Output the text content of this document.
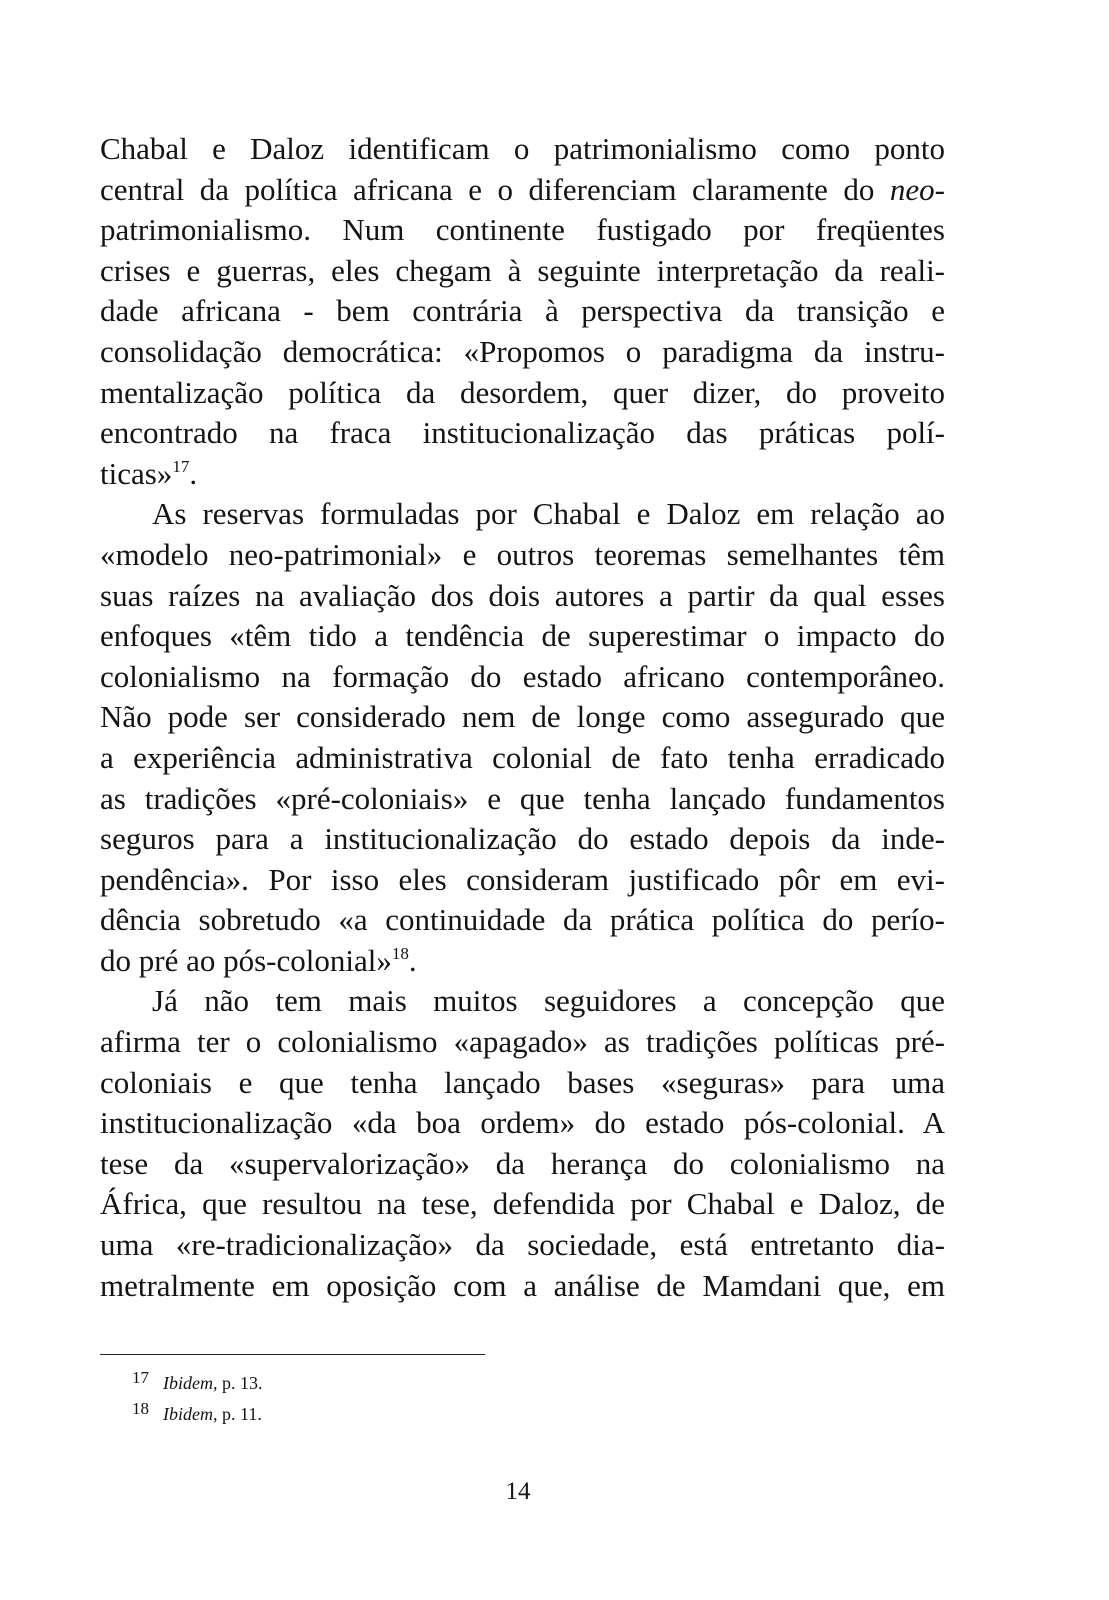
Chabal e Daloz identificam o patrimonialismo como ponto
central da política africana e o diferenciam claramente do neo-
patrimonialismo. Num continente fustigado por freqüentes
crises e guerras, eles chegam à seguinte interpretação da reali-
dade africana - bem contrária à perspectiva da transição e
consolidação democrática: «Propomos o paradigma da instru-
mentalização política da desordem, quer dizer, do proveito
encontrado na fraca institucionalização das práticas polí-
ticas»$^{17}$.
As reservas formuladas por Chabal e Daloz em relação ao
«modelo neo-patrimonial» e outros teoremas semelhantes têm
suas raízes na avaliação dos dois autores a partir da qual esses
enfoques «têm tido a tendência de superestimar o impacto do
colonialismo na formação do estado africano contemporâneo.
Não pode ser considerado nem de longe como assegurado que
a experiência administrativa colonial de fato tenha erradicado
as tradições «pré-coloniais» e que tenha lançado fundamentos
seguros para a institucionalização do estado depois da inde-
pendência». Por isso eles consideram justificado pôr em evi-
dência sobretudo «a continuidade da prática política do perío-
do pré ao pós-colonial»$^{18}$.
Já não tem mais muitos seguidores a concepção que
afirma ter o colonialismo «apagado» as tradições políticas pré-
coloniais e que tenha lançado bases «seguras» para uma
institucionalização «da boa ordem» do estado pós-colonial. A
tese da «supervalorização» da herança do colonialismo na
África, que resultou na tese, defendida por Chabal e Daloz, de
uma «re-tradicionalização» da sociedade, está entretanto dia-
metralmente em oposição com a análise de Mamdani que, em
17 Ibidem, p. 13.
18 Ibidem, p. 11.
14
